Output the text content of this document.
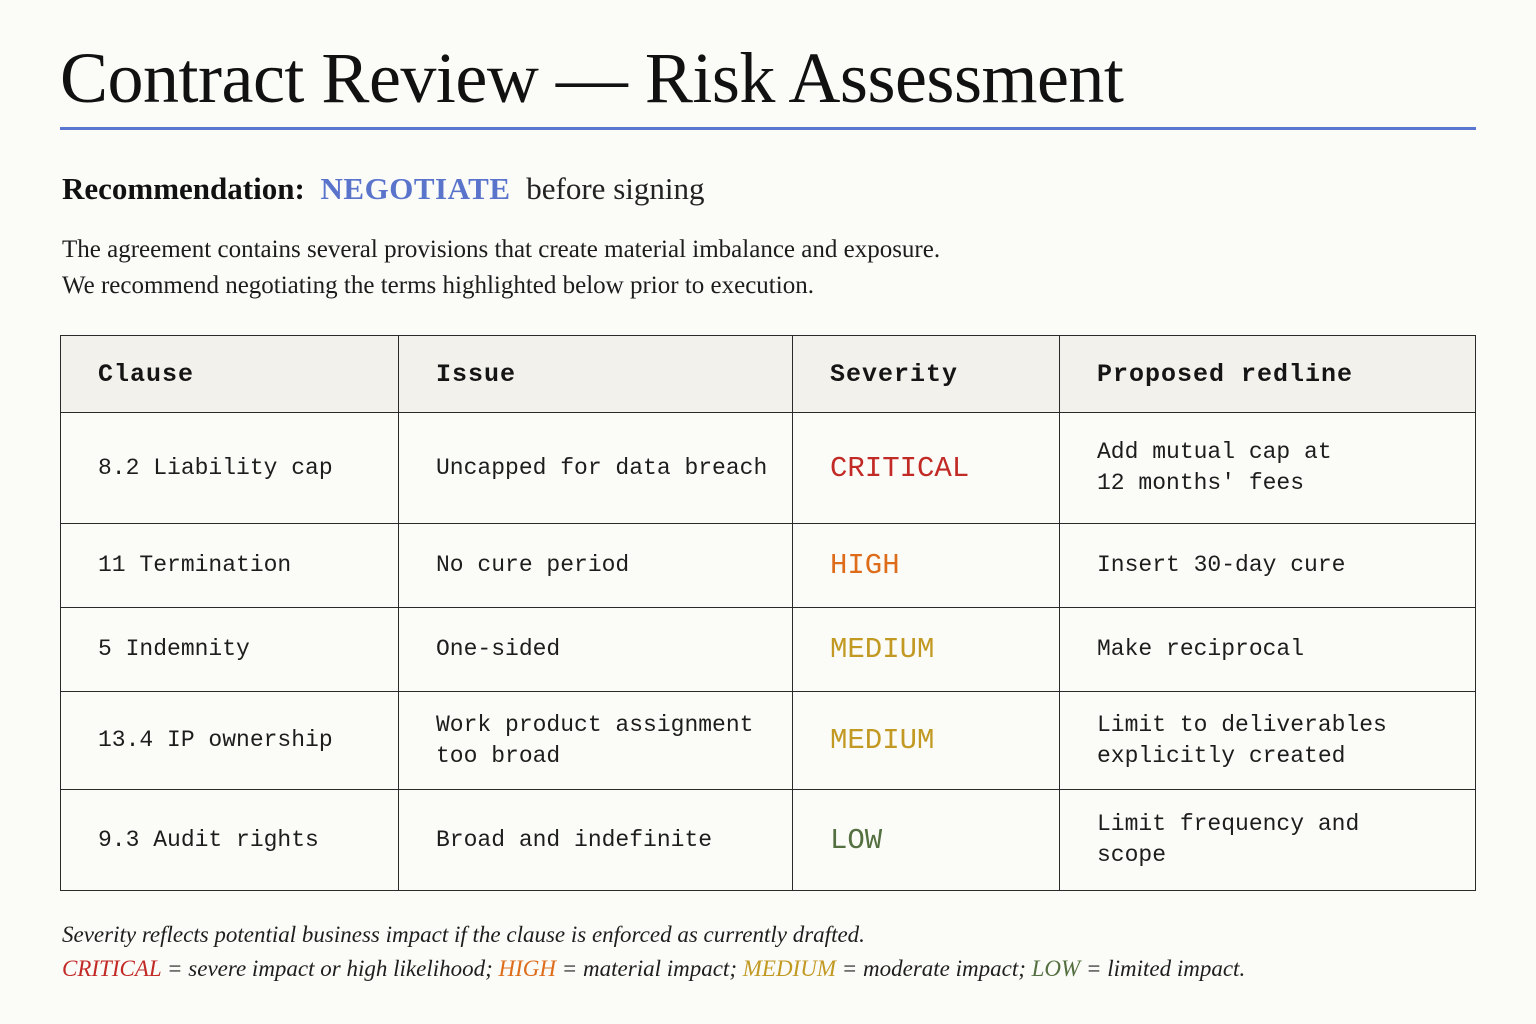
Contract Review — Risk Assessment
Recommendation: NEGOTIATE before signing

The agreement contains several provisions that create material imbalance and exposure.

We recommend negotiating the terms highlighted below prior to execution.

Clause	Issue	Severity	Proposed redline
8.2 Liability cap	Uncapped for data breach	CRITICAL	Add mutual cap at
12 months' fees
11 Termination	No cure period	HIGH	Insert 30-day cure
5 Indemnity	One-sided	MEDIUM	Make reciprocal
13.4 IP ownership	Work product assignment
too broad	MEDIUM	Limit to deliverables
explicitly created
9.3 Audit rights	Broad and indefinite	LOW	Limit frequency and
scope

Severity reflects potential business impact if the clause is enforced as currently drafted.

CRITICAL = severe impact or high likelihood; HIGH = material impact; MEDIUM = moderate impact; LOW = limited impact.
